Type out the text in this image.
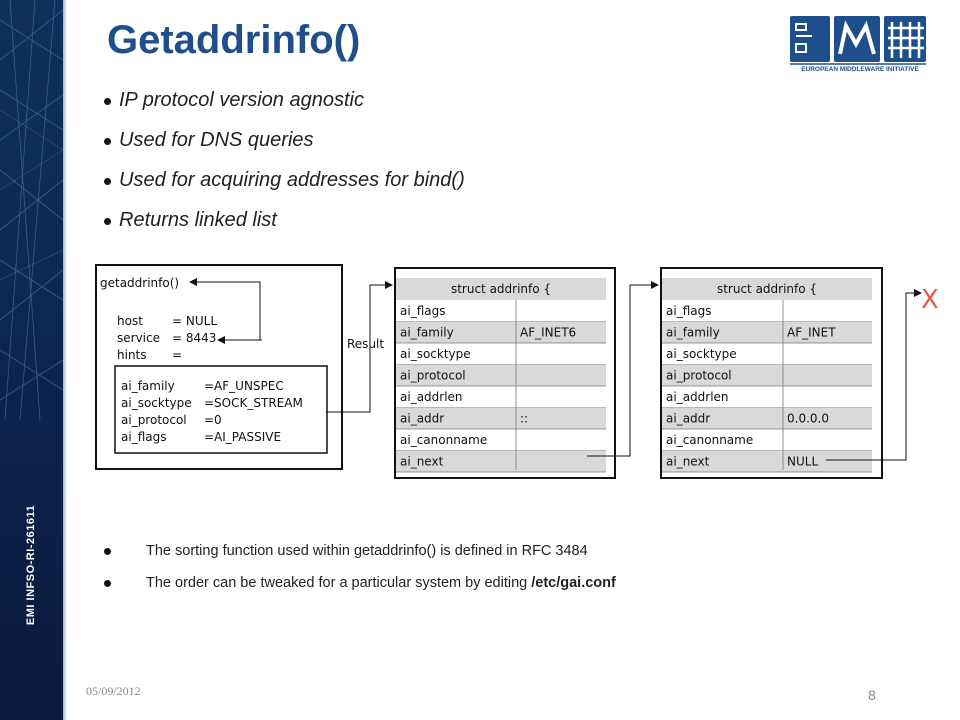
EMI INFSO-RI-261611
Getaddrinfo()
EUROPEAN MIDDLEWARE INITIATIVE
IP protocol version agnostic
Used for DNS queries
Used for acquiring addresses for bind()
Returns linked list
getaddrinfo()
host = NULL
service = 8443
hints =
ai_family =AF_UNSPEC
ai_socktype =SOCK_STREAM
ai_protocol =0
ai_flags	=AI_PASSIVE
Result
struct addrinfo {
ai_flags
ai_family	AF_INET6
ai_socktype
ai_protocol
ai_addrlen
ai_addr	::
ai_canonname
ai_next
struct addrinfo {
ai_flags
ai_family	AF_INET
ai_socktype
ai_protocol
ai_addrlen
ai_addr	0.0.0.0
ai_canonname
ai_next	NULL
X
The sorting function used within getaddrinfo() is defined in RFC 3484
The order can be tweaked for a particular system by editing /etc/gai.conf
05/09/2012	8
